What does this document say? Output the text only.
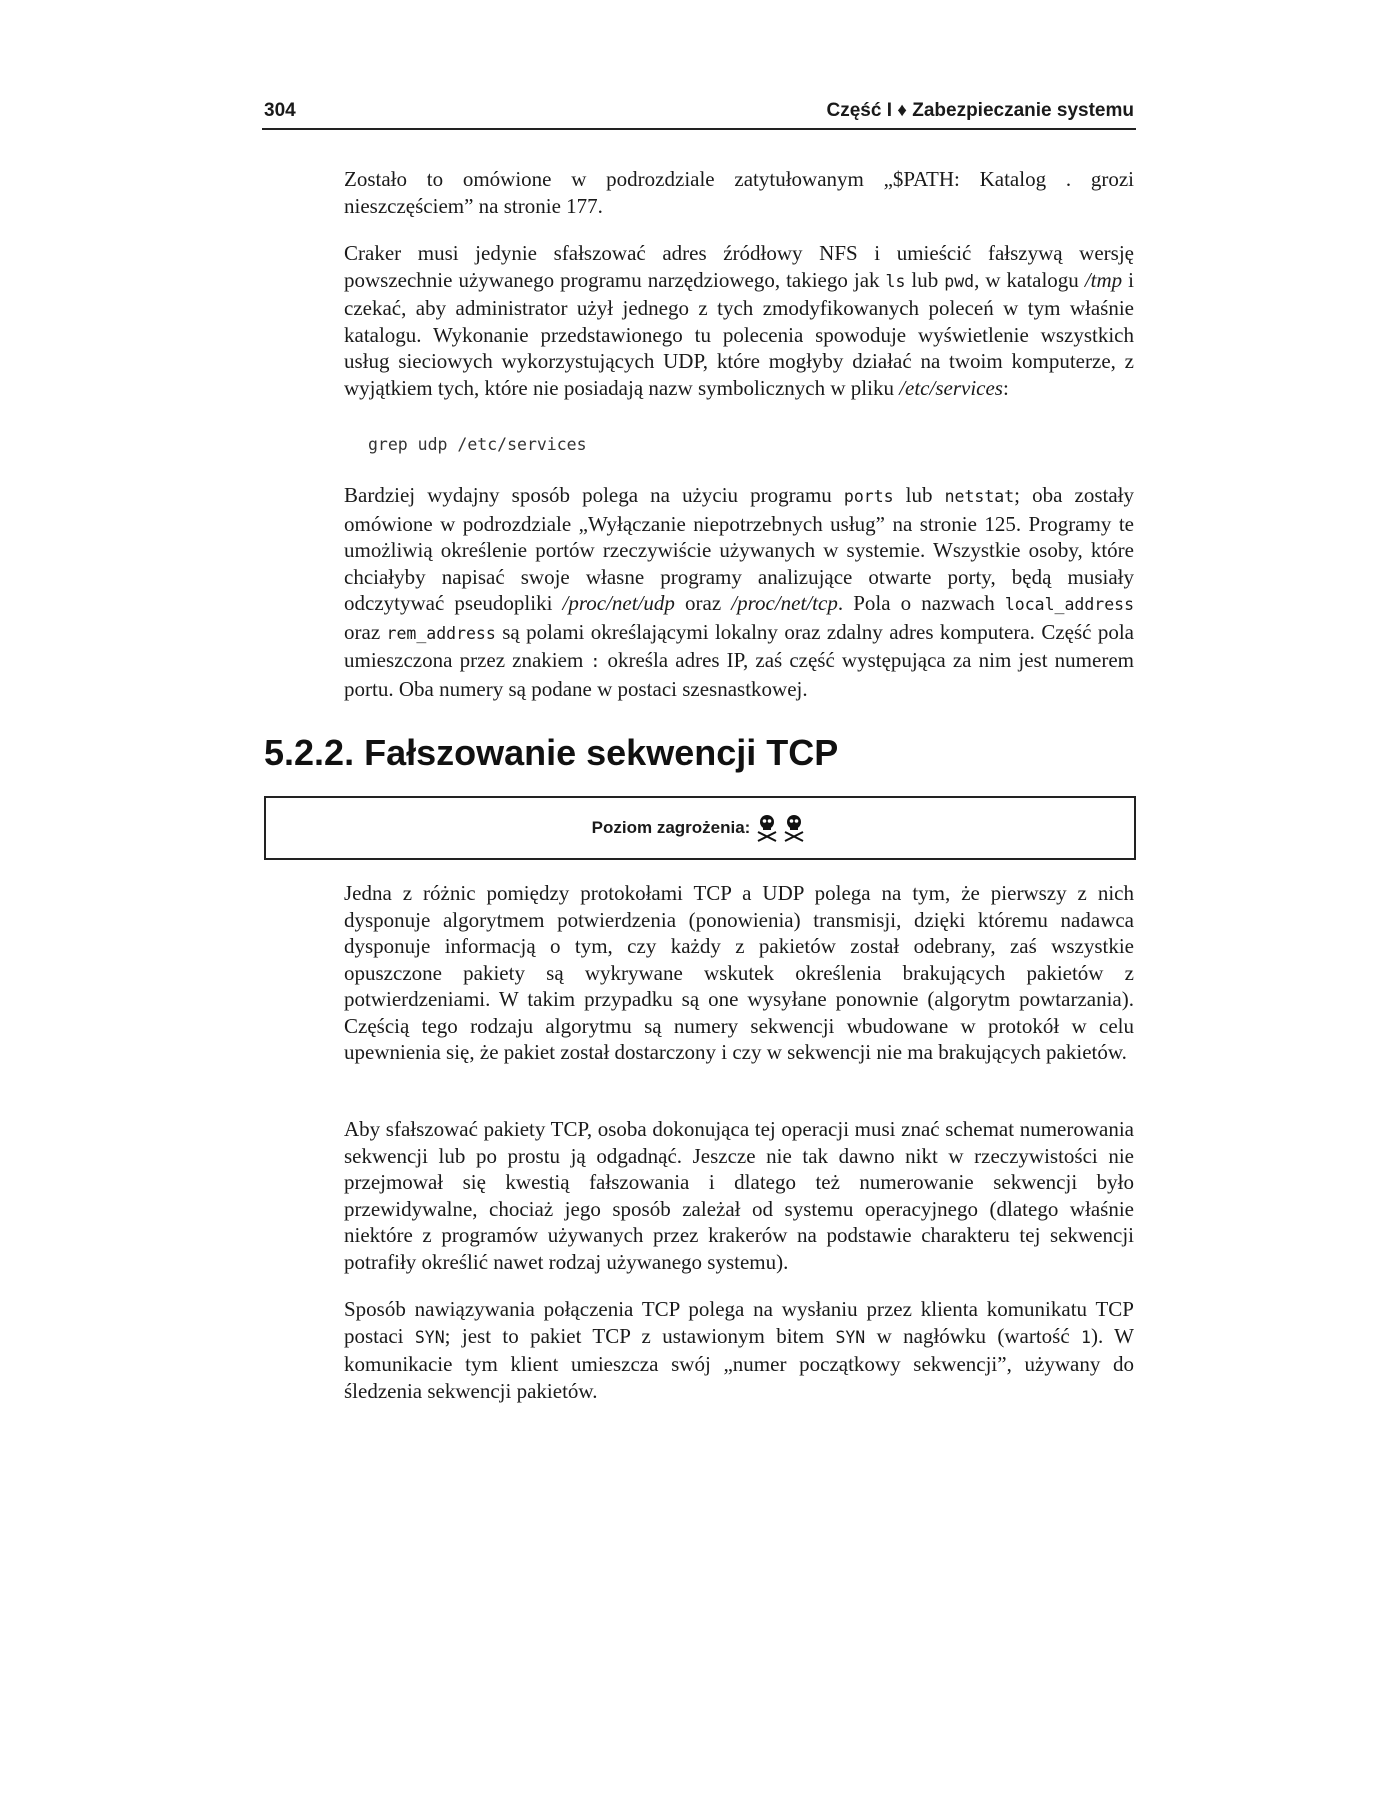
304	Część I ♦ Zabezpieczanie systemu

Zostało to omówione w podrozdziale zatytułowanym „$PATH: Katalog . grozi nieszczęściem” na stronie 177.

Craker musi jedynie sfałszować adres źródłowy NFS i umieścić fałszywą wersję powszechnie używanego programu narzędziowego, takiego jak ls lub pwd, w katalogu /tmp i czekać, aby administrator użył jednego z tych zmodyfikowanych poleceń w tym właśnie katalogu. Wykonanie przedstawionego tu polecenia spowoduje wyświetlenie wszystkich usług sieciowych wykorzystujących UDP, które mogłyby działać na twoim komputerze, z wyjątkiem tych, które nie posiadają nazw symbolicznych w pliku /etc/services:

grep udp /etc/services

Bardziej wydajny sposób polega na użyciu programu ports lub netstat; oba zostały omówione w podrozdziale „Wyłączanie niepotrzebnych usług” na stronie 125. Programy te umożliwią określenie portów rzeczywiście używanych w systemie. Wszystkie osoby, które chciałyby napisać swoje własne programy analizujące otwarte porty, będą musiały odczytywać pseudopliki /proc/net/udp oraz /proc/net/tcp. Pola o nazwach local_address oraz rem_address są polami określającymi lokalny oraz zdalny adres komputera. Część pola umieszczona przez znakiem : określa adres IP, zaś część występująca za nim jest numerem portu. Oba numery są podane w postaci szesnastkowej.

5.2.2. Fałszowanie sekwencji TCP
Poziom zagrożenia:

Jedna z różnic pomiędzy protokołami TCP a UDP polega na tym, że pierwszy z nich dysponuje algorytmem potwierdzenia (ponowienia) transmisji, dzięki któremu nadawca dysponuje informacją o tym, czy każdy z pakietów został odebrany, zaś wszystkie opuszczone pakiety są wykrywane wskutek określenia brakujących pakietów z potwierdzeniami. W takim przypadku są one wysyłane ponownie (algorytm powtarzania). Częścią tego rodzaju algorytmu są numery sekwencji wbudowane w protokół w celu upewnienia się, że pakiet został dostarczony i czy w sekwencji nie ma brakujących pakietów.

Aby sfałszować pakiety TCP, osoba dokonująca tej operacji musi znać schemat numerowania sekwencji lub po prostu ją odgadnąć. Jeszcze nie tak dawno nikt w rzeczywistości nie przejmował się kwestią fałszowania i dlatego też numerowanie sekwencji było przewidywalne, chociaż jego sposób zależał od systemu operacyjnego (dlatego właśnie niektóre z programów używanych przez krakerów na podstawie charakteru tej sekwencji potrafiły określić nawet rodzaj używanego systemu).

Sposób nawiązywania połączenia TCP polega na wysłaniu przez klienta komunikatu TCP postaci SYN; jest to pakiet TCP z ustawionym bitem SYN w nagłówku (wartość 1). W komunikacie tym klient umieszcza swój „numer początkowy sekwencji”, używany do śledzenia sekwencji pakietów.
